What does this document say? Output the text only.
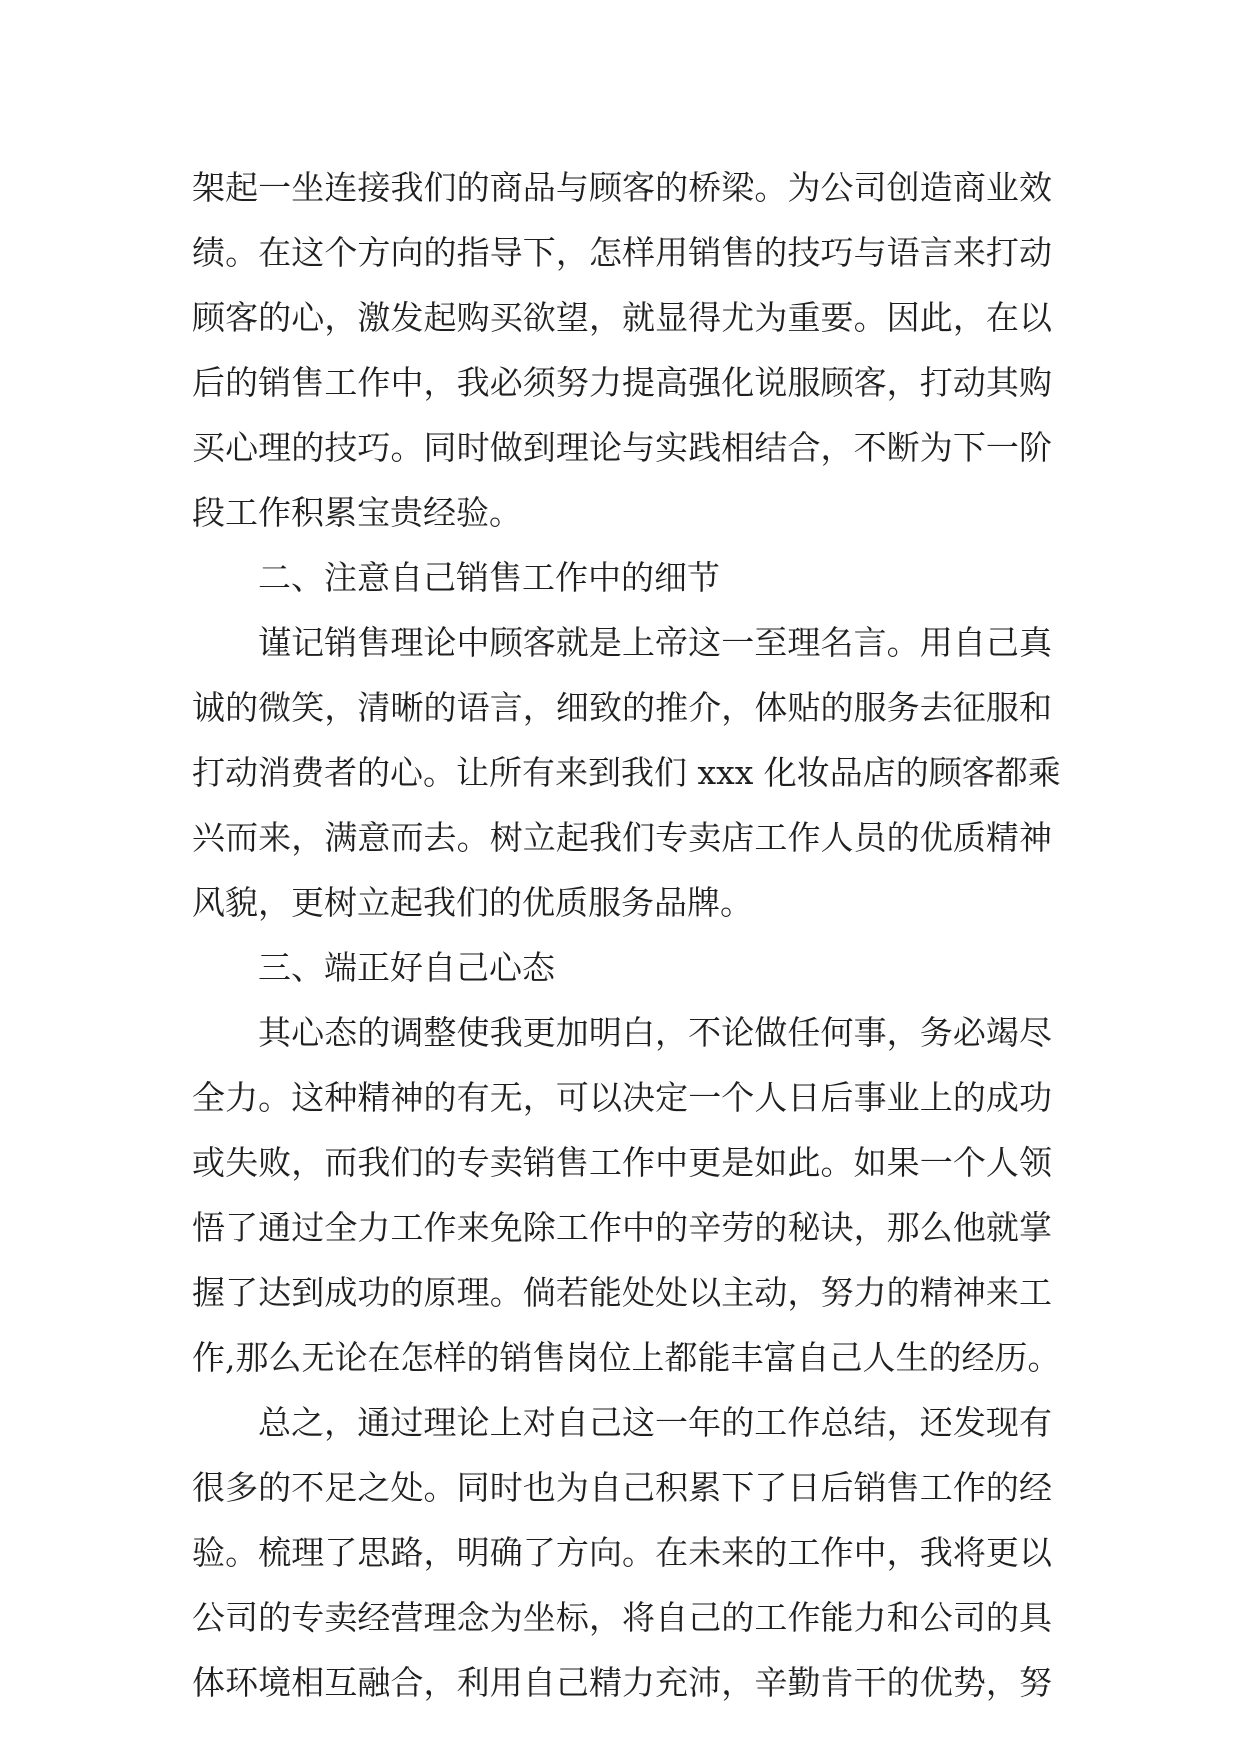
架起一坐连接我们的商品与顾客的桥梁。为公司创造商业效
绩。在这个方向的指导下，怎样用销售的技巧与语言来打动
顾客的心，激发起购买欲望，就显得尤为重要。因此，在以
后的销售工作中，我必须努力提高强化说服顾客，打动其购
买心理的技巧。同时做到理论与实践相结合，不断为下一阶
段工作积累宝贵经验。
二、注意自己销售工作中的细节
谨记销售理论中顾客就是上帝这一至理名言。用自己真
诚的微笑，清晰的语言，细致的推介，体贴的服务去征服和
打动消费者的心。让所有来到我们 xxx 化妆品店的顾客都乘
兴而来，满意而去。树立起我们专卖店工作人员的优质精神
风貌，更树立起我们的优质服务品牌。
三、端正好自己心态
其心态的调整使我更加明白，不论做任何事，务必竭尽
全力。这种精神的有无，可以决定一个人日后事业上的成功
或失败，而我们的专卖销售工作中更是如此。如果一个人领
悟了通过全力工作来免除工作中的辛劳的秘诀，那么他就掌
握了达到成功的原理。倘若能处处以主动，努力的精神来工
作,那么无论在怎样的销售岗位上都能丰富自己人生的经历。
总之，通过理论上对自己这一年的工作总结，还发现有
很多的不足之处。同时也为自己积累下了日后销售工作的经
验。梳理了思路，明确了方向。在未来的工作中，我将更以
公司的专卖经营理念为坐标，将自己的工作能力和公司的具
体环境相互融合，利用自己精力充沛，辛勤肯干的优势，努
